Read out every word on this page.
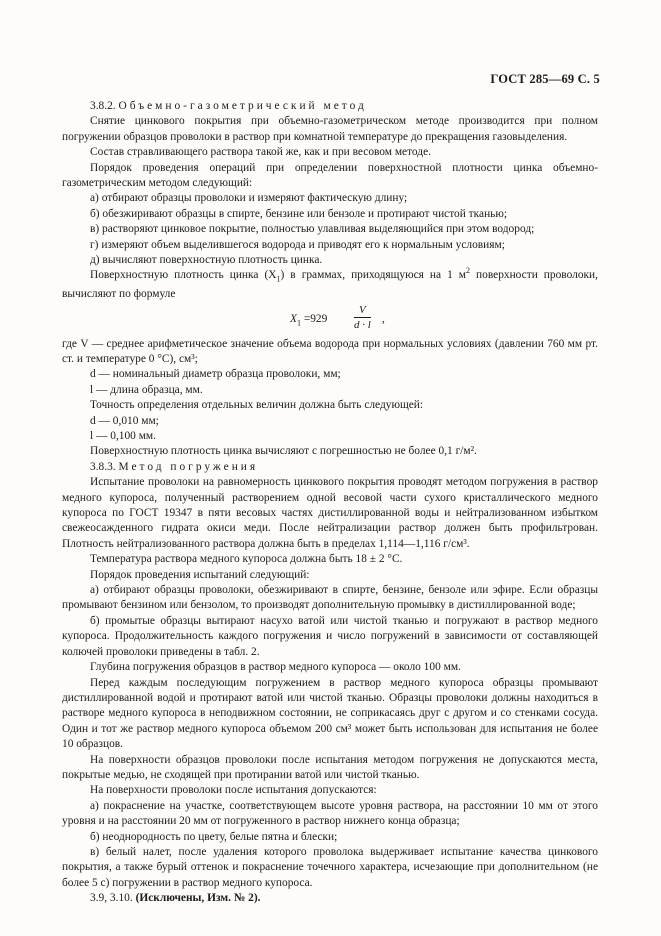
ГОСТ 285—69 С. 5

3.8.2. Объемно-газометрический метод

Снятие цинкового покрытия при объемно-газометрическом методе производится при полном погружении образцов проволоки в раствор при комнатной температуре до прекращения газовыделения.

Состав стравливающего раствора такой же, как и при весовом методе.

Порядок проведения операций при определении поверхностной плотности цинка объемно-газометрическим методом следующий:

а) отбирают образцы проволоки и измеряют фактическую длину;

б) обезжиривают образцы в спирте, бензине или бензоле и протирают чистой тканью;

в) растворяют цинковое покрытие, полностью улавливая выделяющийся при этом водород;

г) измеряют объем выделившегося водорода и приводят его к нормальным условиям;

д) вычисляют поверхностную плотность цинка.

Поверхностную плотность цинка $(X_1)$ в граммах, приходящуюся на 1 $м^2$ поверхности проволоки, вычисляют по формуле

$X_1 =929 \frac{V}{d \cdot l}$ ,

где V — среднее арифметическое значение объема водорода при нормальных условиях (давлении 760 мм рт. ст. и температуре 0 °С), см³;

d — номинальный диаметр образца проволоки, мм;

l — длина образца, мм.

Точность определения отдельных величин должна быть следующей:

d — 0,010 мм;

l — 0,100 мм.

Поверхностную плотность цинка вычисляют с погрешностью не более 0,1 г/м².

3.8.3. Метод погружения

Испытание проволоки на равномерность цинкового покрытия проводят методом погружения в раствор медного купороса, полученный растворением одной весовой части сухого кристаллического медного купороса по ГОСТ 19347 в пяти весовых частях дистиллированной воды и нейтрализованном избытком свежеосажденного гидрата окиси меди. После нейтрализации раствор должен быть профильтрован. Плотность нейтрализованного раствора должна быть в пределах 1,114—1,116 г/см³.

Температура раствора медного купороса должна быть 18 ± 2 °С.

Порядок проведения испытаний следующий:

а) отбирают образцы проволоки, обезжиривают в спирте, бензине, бензоле или эфире. Если образцы промывают бензином или бензолом, то производят дополнительную промывку в дистиллированной воде;

б) промытые образцы вытирают насухо ватой или чистой тканью и погружают в раствор медного купороса. Продолжительность каждого погружения и число погружений в зависимости от составляющей колючей проволоки приведены в табл. 2.

Глубина погружения образцов в раствор медного купороса — около 100 мм.

Перед каждым последующим погружением в раствор медного купороса образцы промывают дистиллированной водой и протирают ватой или чистой тканью. Образцы проволоки должны находиться в растворе медного купороса в неподвижном состоянии, не соприкасаясь друг с другом и со стенками сосуда. Один и тот же раствор медного купороса объемом 200 см³ может быть использован для испытания не более 10 образцов.

На поверхности образцов проволоки после испытания методом погружения не допускаются места, покрытые медью, не сходящей при протирании ватой или чистой тканью.

На поверхности проволоки после испытания допускаются:

а) покраснение на участке, соответствующем высоте уровня раствора, на расстоянии 10 мм от этого уровня и на расстоянии 20 мм от погруженного в раствор нижнего конца образца;

б) неоднородность по цвету, белые пятна и блески;

в) белый налет, после удаления которого проволока выдерживает испытание качества цинкового покрытия, а также бурый оттенок и покраснение точечного характера, исчезающие при дополнительном (не более 5 с) погружении в раствор медного купороса.

3.9, 3.10. (Исключены, Изм. № 2).
